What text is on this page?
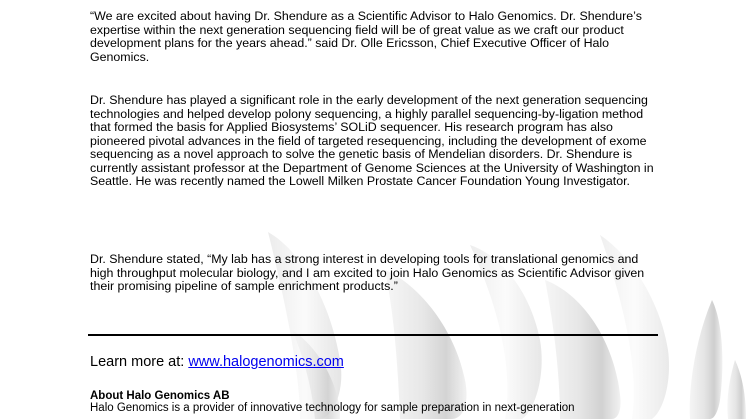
“We are excited about having Dr. Shendure as a Scientific Advisor to Halo Genomics. Dr. Shendure’s expertise within the next generation sequencing field will be of great value as we craft our product development plans for the years ahead.” said Dr. Olle Ericsson, Chief Executive Officer of Halo Genomics.

Dr. Shendure has played a significant role in the early development of the next generation sequencing technologies and helped develop polony sequencing, a highly parallel sequencing-by-ligation method that formed the basis for Applied Biosystems’ SOLiD sequencer. His research program has also pioneered pivotal advances in the field of targeted resequencing, including the development of exome sequencing as a novel approach to solve the genetic basis of Mendelian disorders. Dr. Shendure is currently assistant professor at the Department of Genome Sciences at the University of Washington in Seattle. He was recently named the Lowell Milken Prostate Cancer Foundation Young Investigator.

Dr. Shendure stated, “My lab has a strong interest in developing tools for translational genomics and high throughput molecular biology, and I am excited to join Halo Genomics as Scientific Advisor given their promising pipeline of sample enrichment products.”

Learn more at: www.halogenomics.com
About Halo Genomics AB
Halo Genomics is a provider of innovative technology for sample preparation in next-generation
